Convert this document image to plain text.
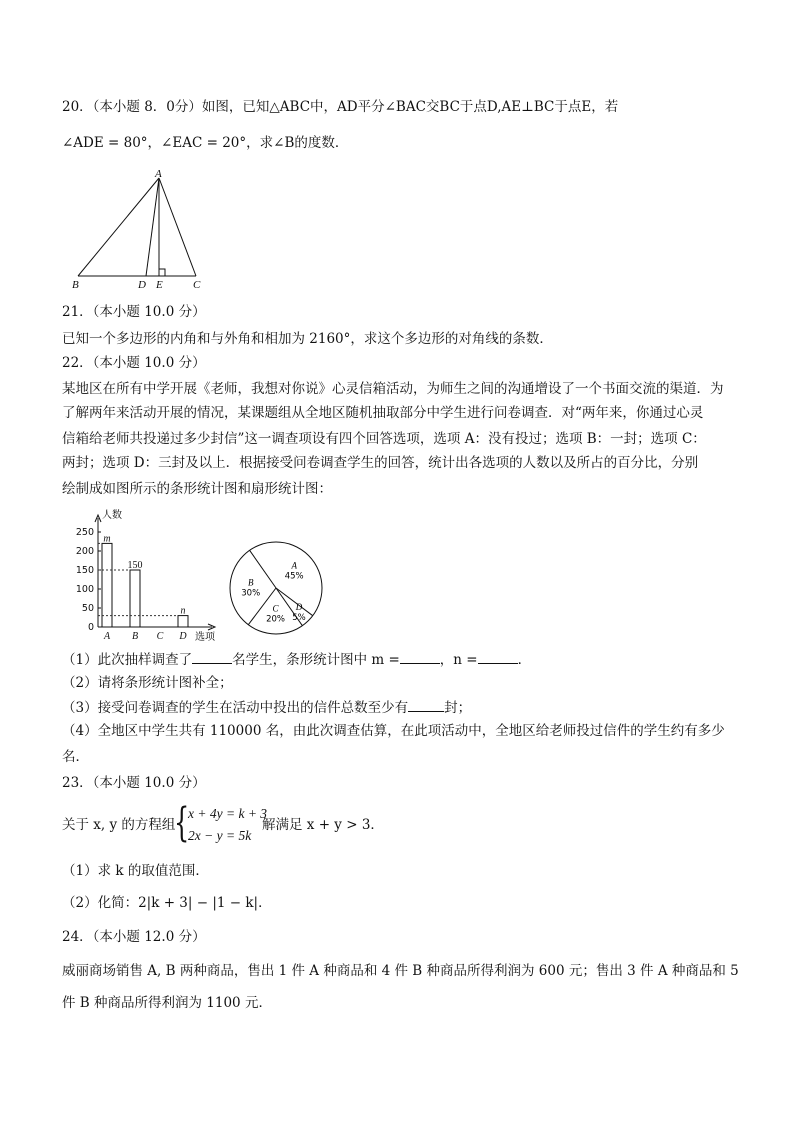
20．（本小题 8．0分）如图，已知△ABC中，AD平分∠BAC交BC于点D,AE⊥BC于点E，若
∠ADE = 80°，∠EAC = 20°，求∠B的度数．
A
B	D E	C
21．（本小题 10.0 分）
已知一个多边形的内角和与外角和相加为 2160°，求这个多边形的对角线的条数．
22．（本小题 10.0 分）
某地区在所有中学开展《老师，我想对你说》心灵信箱活动，为师生之间的沟通增设了一个书面交流的渠道．为
了解两年来活动开展的情况，某课题组从全地区随机抽取部分中学生进行问卷调查．对“两年来，你通过心灵
信箱给老师共投递过多少封信”这一调查项设有四个回答选项，选项 A：没有投过；选项 B：一封；选项 C：
两封；选项 D：三封及以上．根据接受问卷调查学生的回答，统计出各选项的人数以及所占的百分比，分别
绘制成如图所示的条形统计图和扇形统计图：
0
50
100
150
200
250
m
150
n
A B C D
人数
选项
A
45%
D
5%
C
20%
B
30%
（1）此次抽样调查了	名学生，条形统计图中 m =	，n =	．
（2）请将条形统计图补全；
（3）接受问卷调查的学生在活动中投出的信件总数至少有	封；
（4）全地区中学生共有 110000 名，由此次调查估算，在此项活动中，全地区给老师投过信件的学生约有多少
名．
23．（本小题 10.0 分）
关于 x, y 的方程组
{
x + 4y = k + 3
2x − y = 5k
解满足 x + y > 3．
（1）求 k 的取值范围．
（2）化简：2|k + 3| − |1 − k|．
24．（本小题 12.0 分）
威丽商场销售 A, B 两种商品，售出 1 件 A 种商品和 4 件 B 种商品所得利润为 600 元；售出 3 件 A 种商品和 5
件 B 种商品所得利润为 1100 元．
